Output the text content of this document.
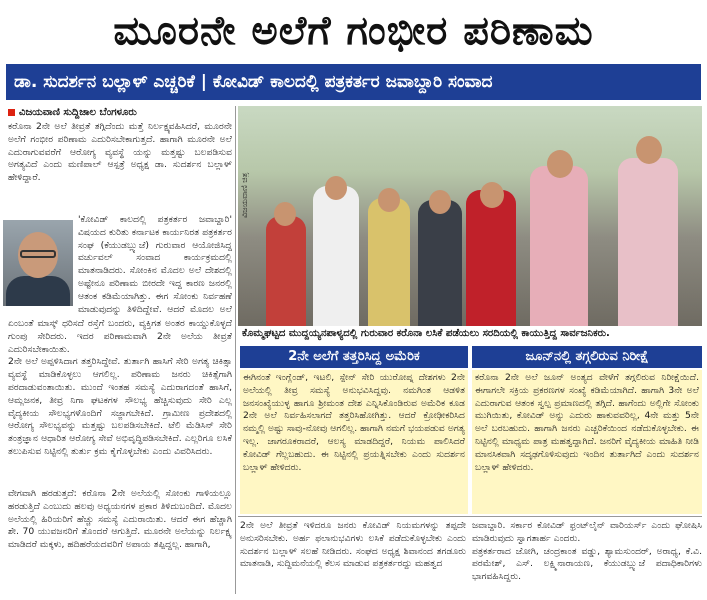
ಮೂರನೇ ಅಲೆಗೆ ಗಂಭೀರ ಪರಿಣಾಮ
ಡಾ. ಸುದರ್ಶನ ಬಲ್ಲಾಳ್ ಎಚ್ಚರಿಕೆ | ಕೋವಿಡ್ ಕಾಲದಲ್ಲಿ ಪತ್ರಕರ್ತರ ಜವಾಬ್ದಾರಿ ಸಂವಾದ
ವಿಜಯವಾಣಿ ಸುದ್ದಿಜಾಲ ಬೆಂಗಳೂರು
ಕರೊನಾ 2ನೇ ಅಲೆ ತೀವ್ರತೆ ತಗ್ಗಿದೆಂದು ಮತ್ತೆ ನಿರ್ಲಕ್ಷ್ಯವಹಿಸಿದರೆ, ಮೂರನೇ ಅಲೆಗೆ ಗಂಭೀರ ಪರಿಣಾಮ ಎದುರಿಸಬೇಕಾಗುತ್ತದೆ. ಹಾಗಾಗಿ ಮೂರನೇ ಅಲೆ ಎದುರಾಗುವವರೆಗೆ ಆರೋಗ್ಯ ವ್ಯವಸ್ಥೆ ಯನ್ನು ಮತ್ತಷ್ಟು ಬಲಪಡಿಸುವ ಅಗತ್ಯವಿದೆ ಎಂದು ಮಣಿಪಾಲ್ ಆಸ್ಪತ್ರೆ ಅಧ್ಯಕ್ಷ ಡಾ. ಸುದರ್ಶನ ಬಲ್ಲಾಳ್ ಹೇಳಿದ್ದಾರೆ.
'ಕೋವಿಡ್ ಕಾಲದಲ್ಲಿ ಪತ್ರಕರ್ತರ ಜವಾಬ್ದಾರಿ' ವಿಷಯದ ಕುರಿತು ಕರ್ನಾಟಕ ಕಾರ್ಯನಿರತ ಪತ್ರಕರ್ತರ ಸಂಘ (ಕೆಯುಡಬ್ಲ್ಯುಜೆ) ಗುರುವಾರ ಆಯೋಜಿಸಿದ್ದ ವರ್ಚುವಲ್ ಸಂವಾದ ಕಾರ್ಯಕ್ರಮದಲ್ಲಿ ಮಾತನಾಡಿದರು. ಸೋಂಕಿನ ಮೊದಲ ಅಲೆ ದೇಶದಲ್ಲಿ ಅಷ್ಟೇನೂ ಪರಿಣಾಮ ಬೀರದೇ ಇದ್ದ ಕಾರಣ ಜನರಲ್ಲಿ ಆತಂಕ ಕಡಿಮೆಯಾಗಿತ್ತು. ಈಗ ಸೋಂಕು ನಿರ್ವಹಣೆ ಮಾಡುವುದನ್ನು ತಿಳಿದಿದ್ದೇವೆ. ಆದರೆ ಮೊದಲ ಅಲೆ
ಏಂಬಂತೆ ಮಾಸ್ಕ್ ಧರಿಸದೆ ರಸ್ತೆಗೆ ಬಂದರು, ವ್ಯಕ್ತಿಗತ ಅಂತರ ಕಾಯ್ದುಕೊಳ್ಳದೆ ಗುಂಪು ಸೇರಿದರು. ಇದರ ಪರಿಣಾಮವಾಗಿ 2ನೇ ಅಲೆಯ ತೀವ್ರತೆ ಎದುರಿಸಬೇಕಾಯಿತು.
2ನೇ ಅಲೆ ಅಪ್ಪಳಿಸಿದಾಗ ತತ್ತರಿಸಿದ್ದೇವೆ. ತುರ್ತಾಗಿ ಹಾಸಿಗೆ ಸೇರಿ ಅಗತ್ಯ ಚಿಕಿತ್ಸಾ ವ್ಯವಸ್ಥೆ ಮಾಡಿಕೊಳ್ಳಲು ಆಗಲಿಲ್ಲ. ಪರಿಣಾಮ ಜನರು ಚಿಕಿತ್ಸೆಗಾಗಿ ಪರದಾಡುವಂತಾಯಿತು. ಮುಂದೆ ಇಂತಹ ಸಮಸ್ಯೆ ಎದುರಾಗದಂತೆ ಹಾಸಿಗೆ, ಆಮ್ಲಜನಕ, ತೀವ್ರ ನಿಗಾ ಘಟಕಗಳ ಸೌಲಭ್ಯ ಹೆಚ್ಚಿಸುವುದು ಸೇರಿ ಎಲ್ಲ ವೈದ್ಯಕೀಯ ಸೌಲಭ್ಯಗಳೊಂದಿಗೆ ಸಜ್ಜಾಗಬೇಕಿದೆ. ಗ್ರಾಮೀಣ ಪ್ರದೇಶದಲ್ಲಿ ಆರೋಗ್ಯ ಸೌಲಭ್ಯವನ್ನು ಮತ್ತಷ್ಟು ಬಲಪಡಿಸಬೇಕಿದೆ. ಟೆಲಿ ಮೆಡಿಸಿನ್ ಸೇರಿ ತಂತ್ರಜ್ಞಾನ ಆಧಾರಿತ ಆರೋಗ್ಯ ಸೇವೆ ಅಭಿವೃದ್ಧಿಪಡಿಸಬೇಕಿದೆ. ಎಲ್ಲರಿಗೂ ಲಸಿಕೆ ತಲುಪಿಸುವ ನಿಟ್ಟಿನಲ್ಲಿ ತುರ್ತು ಕ್ರಮ ಕೈಗೊಳ್ಳಬೇಕು ಎಂದು ವಿವರಿಸಿದರು.
ವೇಗವಾಗಿ ಹರಡುತ್ತದೆ: ಕರೊನಾ 2ನೇ ಅಲೆಯಲ್ಲಿ ಸೋಂಕು ಗಾಳಿಯಲ್ಲೂ ಹರಡುತ್ತಿದೆ ಎಂಬುದು ಹಲವು ಅಧ್ಯಯನಗಳ ಪ್ರಕಾರ ತಿಳಿದುಬಂದಿದೆ. ಮೊದಲ ಅಲೆಯಲ್ಲಿ ಹಿರಿಯರಿಗೆ ಹೆಚ್ಚು ಸಮಸ್ಯೆ ಎದುರಾಯಿತು. ಆದರೆ ಈಗ ಹೆಚ್ಚಾಗಿ ಶೇ. 70 ಯುವಜನರಿಗೆ ತೊಂದರೆ ಆಗುತ್ತಿದೆ. ಮೂರನೇ ಅಲೆಯನ್ನು ನಿರ್ಲಕ್ಷ್ಯ ಮಾಡಿದರೆ ಮಕ್ಕಳು, ಹದಿಹರೆಯದವರಿಗೆ ಅಪಾಯ ತಪ್ಪಿದ್ದಲ್ಲ. ಹಾಗಾಗಿ,
ವಿಜಯವಾಣಿ ಚಿತ್ರ
ಕೊಮ್ಮಘಟ್ಟದ ಮುದ್ದಯ್ಯನಪಾಳ್ಯದಲ್ಲಿ ಗುರುವಾರ ಕರೊನಾ ಲಸಿಕೆ ಪಡೆಯಲು ಸರದಿಯಲ್ಲಿ ಕಾಯುತ್ತಿದ್ದ ಸಾರ್ವಜನಿಕರು.
2ನೇ ಅಲೆಗೆ ತತ್ತರಿಸಿದ್ದ ಅಮೆರಿಕ	ಜೂನ್‌ನಲ್ಲಿ ತಗ್ಗಲಿರುವ ನಿರೀಕ್ಷೆ
ಈಗಿನಂತೆ ಇಂಗ್ಲೆಂಡ್, ಇಟಲಿ, ಸ್ಪೇನ್ ಸೇರಿ ಯುರೋಪ್ನ ದೇಶಗಳು 2ನೇ ಅಲೆಯಲ್ಲಿ ತೀವ್ರ ಸಮಸ್ಯೆ ಅನುಭವಿಸಿದ್ದವು. ನಮಗಿಂತ ಆಡಳಿತ ಜನಸಂಖ್ಯೆಯುಳ್ಳ ಹಾಗೂ ಶ್ರೀಮಂತ ದೇಶ ಎನ್ನಿಸಿಕೊಂಡಿರುವ ಅಮೆರಿಕ ಕೂಡ 2ನೇ ಅಲೆ ನಿರ್ವಹಿಸಲಾಗದೆ ತತ್ತರಿಸಿಹೋಗಿತ್ತು. ಆದರೆ ಕ್ರೋಢೀಕರಿಸಿದ ನಮ್ಮಲ್ಲಿ ಅಷ್ಟು ಸಾವು-ನೋವು ಆಗಲಿಲ್ಲ. ಹಾಗಾಗಿ ನಮಗೆ ಭಯಪಡುವ ಅಗತ್ಯ ಇಲ್ಲ. ಜಾಗರೂಕರಾದರೆ, ಆಲಸ್ಯ ಮಾಡದಿದ್ದರೆ, ನಿಯಮ ಪಾಲಿಸಿದರೆ ಕೋವಿಡ್ ಗೆಲ್ಲಬಹುದು. ಈ ನಿಟ್ಟಿನಲ್ಲಿ ಪ್ರಯತ್ನಿಸಬೇಕು ಎಂದು ಸುದರ್ಶನ ಬಲ್ಲಾಳ್ ಹೇಳಿದರು.
ಕರೊನಾ 2ನೇ ಅಲೆ ಜೂನ್ ಅಂತ್ಯದ ವೇಳೆಗೆ ತಗ್ಗಲಿರುವ ನಿರೀಕ್ಷೆಯಿದೆ. ಈಗಾಗಲೇ ಸಕ್ರಿಯ ಪ್ರಕರಣಗಳ ಸಂಖ್ಯೆ ಕಡಿಮೆಯಾಗಿದೆ. ಹಾಗಾಗಿ 3ನೇ ಅಲೆ ಎದುರಾಗುವ ಆತಂಕ ಸ್ವಲ್ಪ ಪ್ರಮಾಣದಲ್ಲಿ ತಗ್ಗಿದೆ. ಹಾಗೆಂದು ಅಲ್ಲಿಗೇ ಸೋಂಕು ಮುಗಿಯಿತು, ಕೋವಿಡ್ ಅನ್ನು ಎದುರು ಹಾಕುವವರಿಲ್ಲ, 4ನೇ ಮತ್ತು 5ನೇ ಅಲೆ ಬರಬಹುದು. ಹಾಗಾಗಿ ಜನರು ಎಚ್ಚರಿಕೆಯಿಂದ ನಡೆದುಕೊಳ್ಳಬೇಕು. ಈ ನಿಟ್ಟಿನಲ್ಲಿ ಮಾಧ್ಯಮ ಪಾತ್ರ ಮಹತ್ವದ್ದಾಗಿದೆ. ಜನರಿಗೆ ವೈದ್ಯಕೀಯ ಮಾಹಿತಿ ನೀಡಿ ಮಾನಸಿಕವಾಗಿ ಸದೃಢಗೊಳಿಸುವುದು ಇಂದಿನ ತುರ್ತಾಗಿದೆ ಎಂದು ಸುದರ್ಶನ ಬಲ್ಲಾಳ್ ಹೇಳಿದರು.
2ನೇ ಅಲೆ ತೀವ್ರತೆ ಇಳಿದರೂ ಜನರು ಕೋವಿಡ್ ನಿಯಮಗಳನ್ನು ತಪ್ಪದೇ ಅನುಸರಿಸಬೇಕು. ಅರ್ಹ ಫಲಾನುಭವಿಗಳು ಲಸಿಕೆ ಪಡೆದುಕೊಳ್ಳಬೇಕು ಎಂದು ಸುದರ್ಶನ ಬಲ್ಲಾಳ್ ಸಲಹೆ ನೀಡಿದರು. ಸಂಘದ ಅಧ್ಯಕ್ಷ ಶಿವಾನಂದ ತಗಡೂರು ಮಾತನಾಡಿ, ಸುದ್ದಿಮನೆಯಲ್ಲಿ ಕೆಲಸ ಮಾಡುವ ಪತ್ರಕರ್ತರದ್ದು ಮಹತ್ವದ
ಜವಾಬ್ದಾರಿ. ಸರ್ಕಾರ ಕೋವಿಡ್ ಫ್ರಂಟ್‌ಲೈನ್ ವಾರಿಯರ್ಸ್ ಎಂದು ಘೋಷಿಸಿ ಮಾಡಿರುವುದು ಸ್ವಾಗತಾರ್ಹ ಎಂದರು.
ಪತ್ರಕರ್ತರಾದ ಜೋಗಿ, ಚಂದ್ರಕಾಂತ ವಡ್ಡು, ಶ್ಯಾಮಸುಂದರ್, ಅರಾಧ್ಯ, ಕೆ.ವಿ. ಪರಮೇಶ್, ಎಸ್. ಲಕ್ಷ್ಮಿನಾರಾಯಣ, ಕೆಯುಡಬ್ಲ್ಯುಜೆ ಪದಾಧಿಕಾರಿಗಳು ಭಾಗವಹಿಸಿದ್ದರು.
